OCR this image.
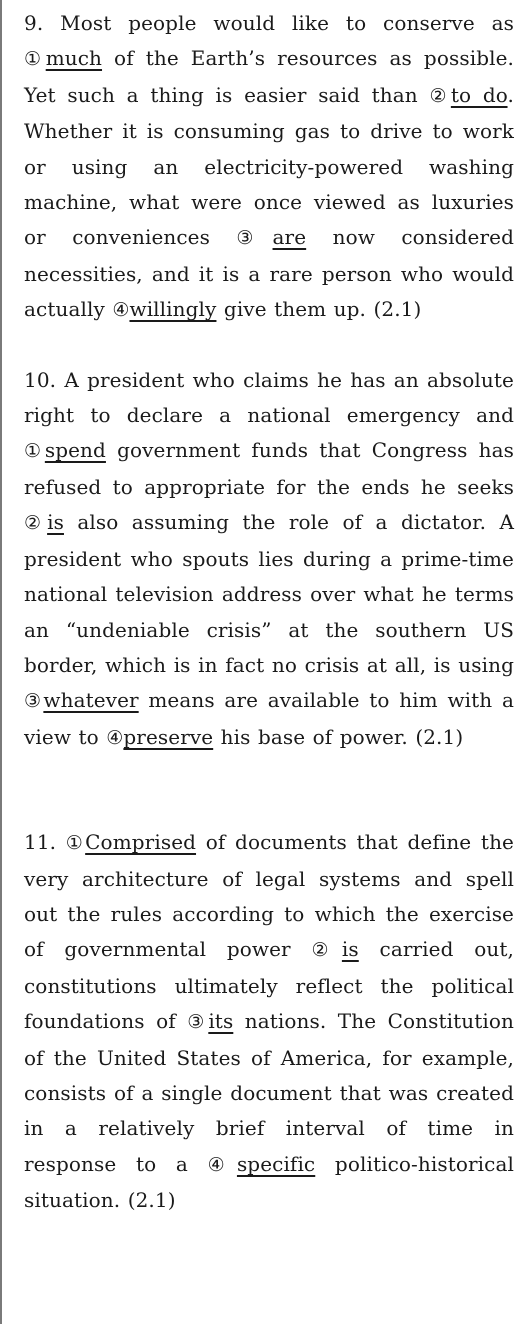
9. Most people would like to conserve as ①much of the Earth’s resources as possible. Yet such a thing is easier said than ②to do. Whether it is consuming gas to drive to work or using an electricity-powered washing machine, what were once viewed as luxuries or conveniences ③are now considered necessities, and it is a rare person who would actually ④willingly give them up. (2.1)

10. A president who claims he has an absolute right to declare a national emergency and ①spend government funds that Congress has refused to appropriate for the ends he seeks ②is also assuming the role of a dictator. A president who spouts lies during a prime-time national television address over what he terms an “undeniable crisis” at the southern US border, which is in fact no crisis at all, is using ③whatever means are available to him with a view to ④preserve his base of power. (2.1)

11. ①Comprised of documents that define the very architecture of legal systems and spell out the rules according to which the exercise of governmental power ②is carried out, constitutions ultimately reflect the political foundations of ③its nations. The Constitution of the United States of America, for example, consists of a single document that was created in a relatively brief interval of time in response to a ④specific politico-historical situation. (2.1)
